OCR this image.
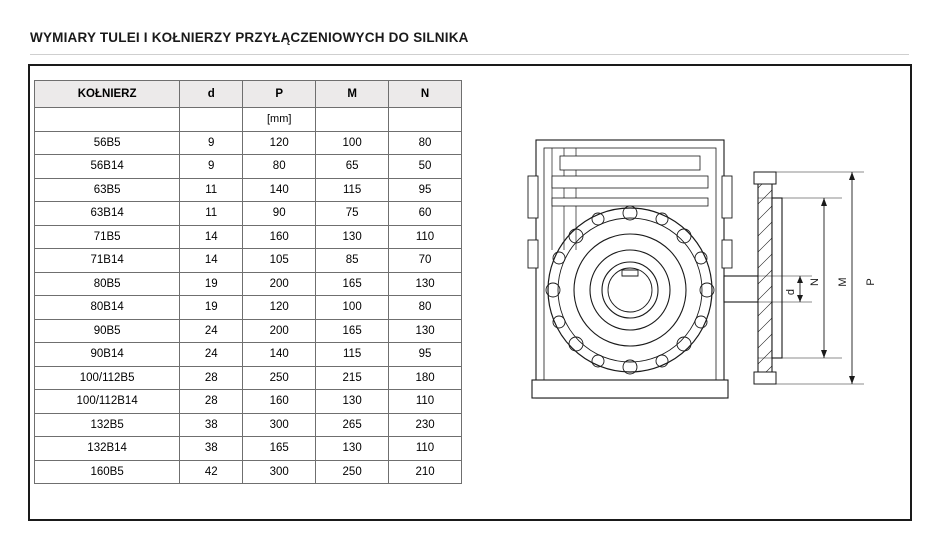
WYMIARY TULEI I KOŁNIERZY PRZYŁĄCZENIOWYCH DO SILNIKA
KOŁNIERZ	d	P	M	N
		[mm]		
56B5	9	120	100	80
56B14	9	80	65	50
63B5	11	140	115	95
63B14	11	90	75	60
71B5	14	160	130	110
71B14	14	105	85	70
80B5	19	200	165	130
80B14	19	120	100	80
90B5	24	200	165	130
90B14	24	140	115	95
100/112B5	28	250	215	180
100/112B14	28	160	130	110
132B5	38	300	265	230
132B14	38	165	130	110
160B5	42	300	250	210
d
N M P
